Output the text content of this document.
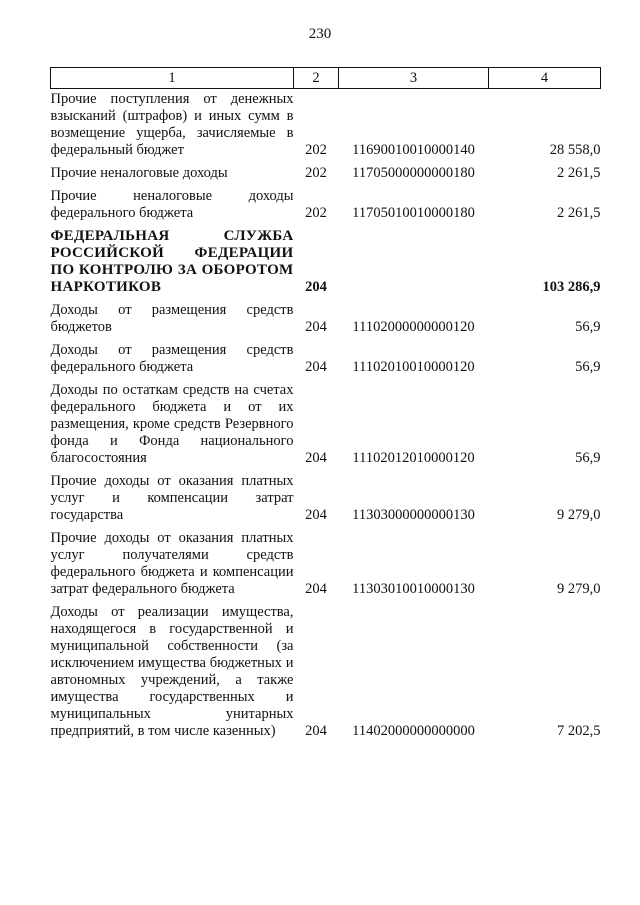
230
1	2	3	4
Прочие поступления от денежных взысканий (штрафов) и иных сумм в возмещение ущерба, зачисляемые в федеральный бюджет	202	11690010010000140	28 558,0
Прочие неналоговые доходы	202	11705000000000180	2 261,5
Прочие неналоговые доходы федерального бюджета	202	11705010010000180	2 261,5
ФЕДЕРАЛЬНАЯ СЛУЖБА РОССИЙСКОЙ ФЕДЕРАЦИИ ПО КОНТРОЛЮ ЗА ОБОРОТОМ НАРКОТИКОВ	204		103 286,9
Доходы от размещения средств бюджетов	204	11102000000000120	56,9
Доходы от размещения средств федерального бюджета	204	11102010010000120	56,9
Доходы по остаткам средств на счетах федерального бюджета и от их размещения, кроме средств Резервного фонда и Фонда национального благосостояния	204	11102012010000120	56,9
Прочие доходы от оказания платных услуг и компенсации затрат государства	204	11303000000000130	9 279,0
Прочие доходы от оказания платных услуг получателями средств федерального бюджета и компенсации затрат федерального бюджета	204	11303010010000130	9 279,0
Доходы от реализации имущества, находящегося в государственной и муниципальной собственности (за исключением имущества бюджетных и автономных учреждений, а также имущества государственных и муниципальных унитарных предприятий, в том числе казенных)	204	11402000000000000	7 202,5
